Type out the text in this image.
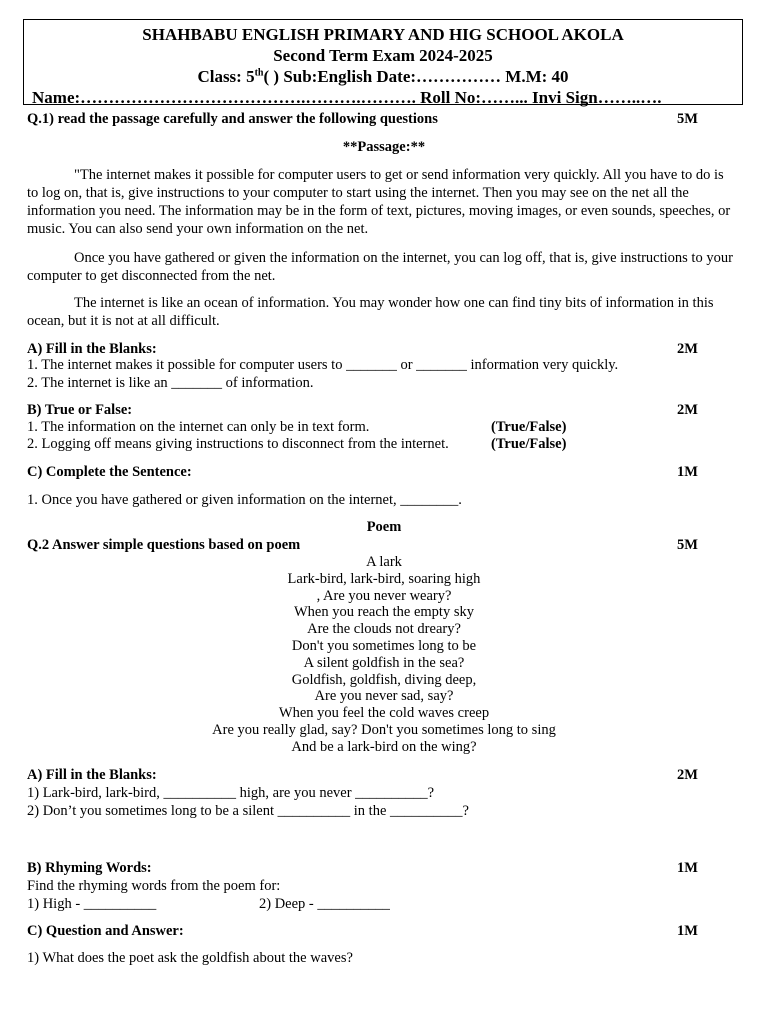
SHAHBABU ENGLISH PRIMARY AND HIG SCHOOL AKOLA
Second Term Exam 2024-2025
Class: 5th( ) Sub:English Date:…………… M.M: 40
Name:………………………………….……….………. Roll No:……... Invi Sign……..….
Q.1) read the passage carefully and answer the following questions	5M
**Passage:**
"The internet makes it possible for computer users to get or send information very quickly. All you have to do is to log on, that is, give instructions to your computer to start using the internet. Then you may see on the net all the information you need. The information may be in the form of text, pictures, moving images, or even sounds, speeches, or music. You can also send your own information on the net.
Once you have gathered or given the information on the internet, you can log off, that is, give instructions to your computer to get disconnected from the net.
The internet is like an ocean of information. You may wonder how one can find tiny bits of information in this ocean, but it is not at all difficult.
A) Fill in the Blanks:	2M
1. The internet makes it possible for computer users to _______ or _______ information very quickly.
2. The internet is like an _______ of information.
B) True or False:	2M
1. The information on the internet can only be in text form.	(True/False)
2. Logging off means giving instructions to disconnect from the internet.	(True/False)
C) Complete the Sentence:	1M
1. Once you have gathered or given information on the internet, ________.
Poem
Q.2 Answer simple questions based on poem	5M
A lark
Lark-bird, lark-bird, soaring high
, Are you never weary?
When you reach the empty sky
Are the clouds not dreary?
Don't you sometimes long to be
A silent goldfish in the sea?
Goldfish, goldfish, diving deep,
Are you never sad, say?
When you feel the cold waves creep
Are you really glad, say? Don't you sometimes long to sing
And be a lark-bird on the wing?
A) Fill in the Blanks:	2M
1) Lark-bird, lark-bird, __________ high, are you never __________?
2) Don’t you sometimes long to be a silent __________ in the __________?
B) Rhyming Words:	1M
Find the rhyming words from the poem for:
1) High - __________	2) Deep - __________
C) Question and Answer:	1M
1) What does the poet ask the goldfish about the waves?
